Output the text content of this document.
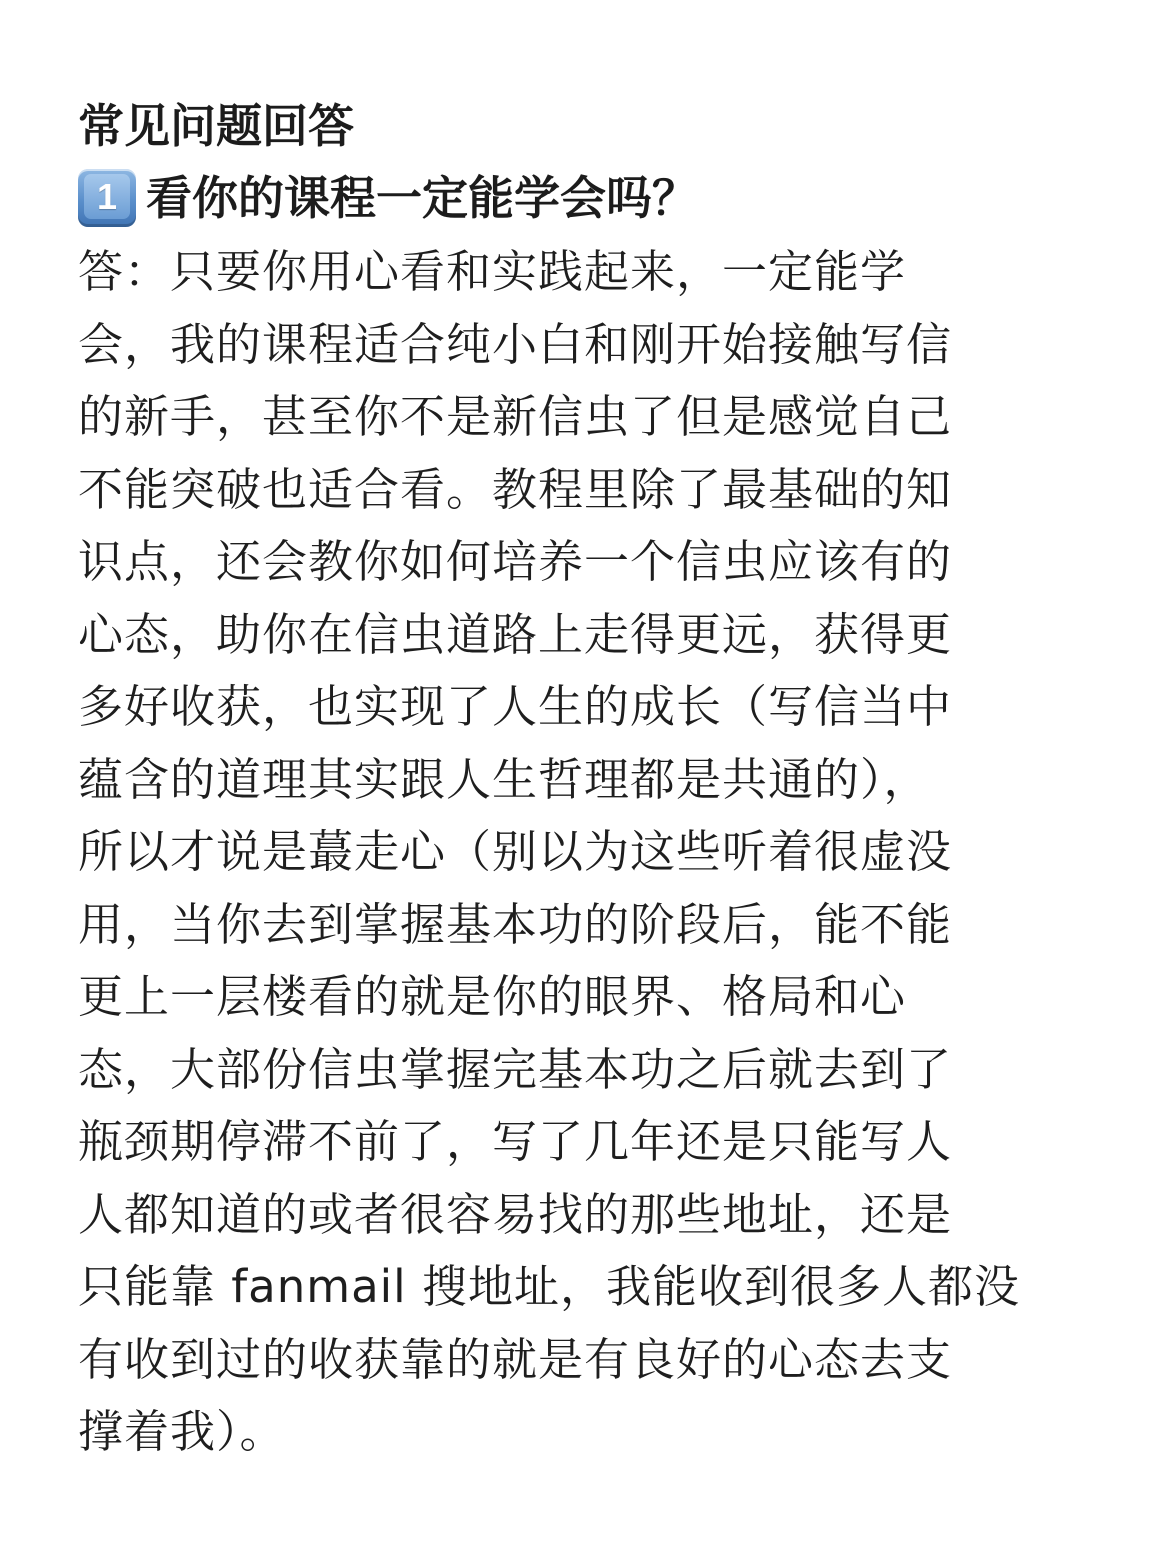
常见问题回答
1 看你的课程一定能学会吗？
答：只要你用心看和实践起来，一定能学
会，我的课程适合纯小白和刚开始接触写信
的新手，甚至你不是新信虫了但是感觉自己
不能突破也适合看。教程里除了最基础的知
识点，还会教你如何培养一个信虫应该有的
心态，助你在信虫道路上走得更远，获得更
多好收获，也实现了人生的成长（写信当中
蕴含的道理其实跟人生哲理都是共通的），
所以才说是蕞走心（别以为这些听着很虚没
用，当你去到掌握基本功的阶段后，能不能
更上一层楼看的就是你的眼界、格局和心
态，大部份信虫掌握完基本功之后就去到了
瓶颈期停滞不前了，写了几年还是只能写人
人都知道的或者很容易找的那些地址，还是
只能靠 fanmail 搜地址，我能收到很多人都没
有收到过的收获靠的就是有良好的心态去支
撑着我）。
